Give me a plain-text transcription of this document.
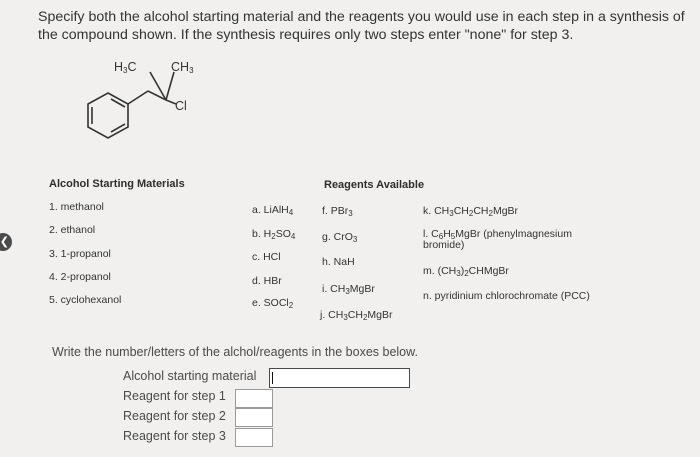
❮
Specify both the alcohol starting material and the reagents you would use in each step in a synthesis of the compound shown. If the synthesis requires only two steps enter "none" for step 3.
$H_3C$	$CH_3$
Cl
Alcohol Starting Materials
1. methanol
2. ethanol
3. 1-propanol
4. 2-propanol
5. cyclohexanol
Reagents Available
a. LiAlH$_4$
b. $H_2SO_4$
c. HCl
d. HBr
e. SOCl$_2$
f. PBr$_3$
g. CrO$_3$
h. NaH
i. $CH_3MgBr$
j. $CH_3CH_2MgBr$
k. $CH_3CH_2CH_2MgBr$
l. $C_6H_5MgBr$ (phenylmagnesium
bromide)
m. $(CH_3)_2CHMgBr$
n. pyridinium chlorochromate (PCC)
Write the number/letters of the alchol/reagents in the boxes below.
Alcohol starting material
Reagent for step 1
Reagent for step 2
Reagent for step 3
